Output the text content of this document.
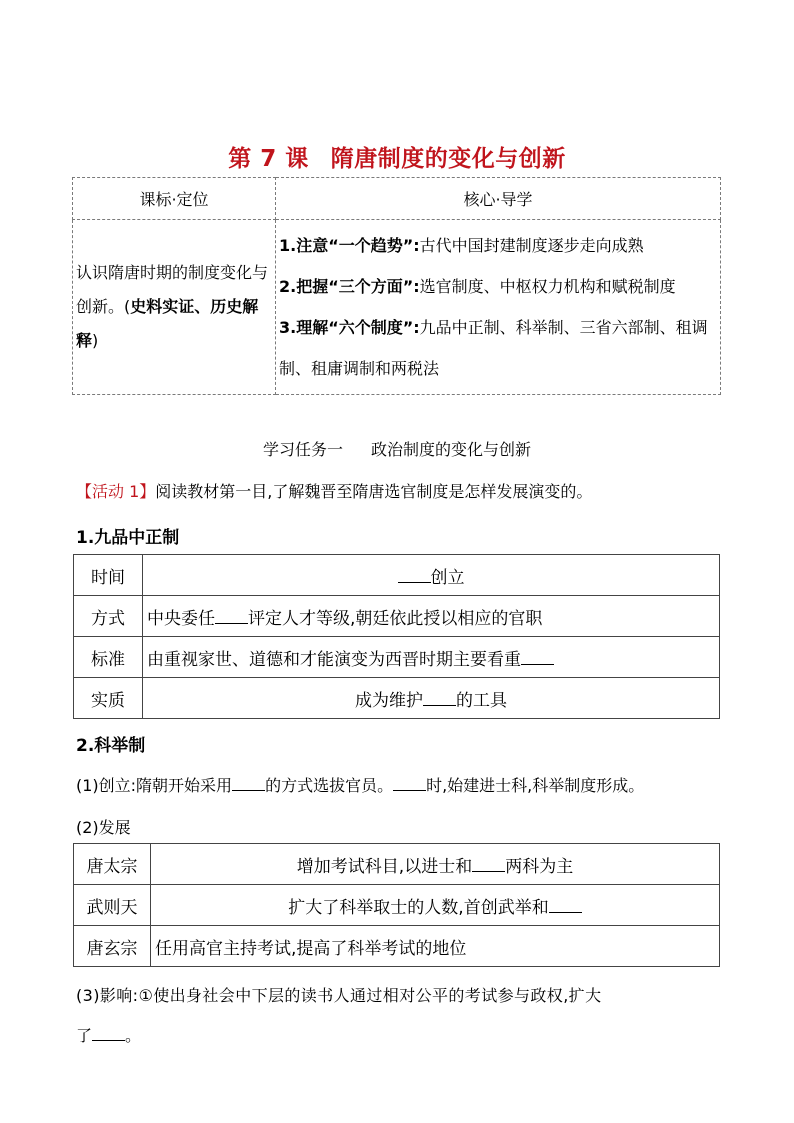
第 7 课 隋唐制度的变化与创新
课标·定位	核心·导学
认识隋唐时期的制度变化与创新。(史料实证、历史解释)	1.注意“一个趋势”:古代中国封建制度逐步走向成熟
2.把握“三个方面”:选官制度、中枢权力机构和赋税制度
3.理解“六个制度”:九品中正制、科举制、三省六部制、租调制、租庸调制和两税法
学习任务一 政治制度的变化与创新
【活动 1】阅读教材第一目,了解魏晋至隋唐选官制度是怎样发展演变的。
1.九品中正制
时间	创立
方式	中央委任 评定人才等级,朝廷依此授以相应的官职
标准	由重视家世、道德和才能演变为西晋时期主要看重
实质	成为维护 的工具
2.科举制
(1)创立:隋朝开始采用 的方式选拔官员。 时,始建进士科,科举制度形成。
(2)发展
唐太宗	增加考试科目,以进士和 两科为主
武则天	扩大了科举取士的人数,首创武举和
唐玄宗	任用高官主持考试,提高了科举考试的地位
(3)影响:①使出身社会中下层的读书人通过相对公平的考试参与政权,扩大
了 。
